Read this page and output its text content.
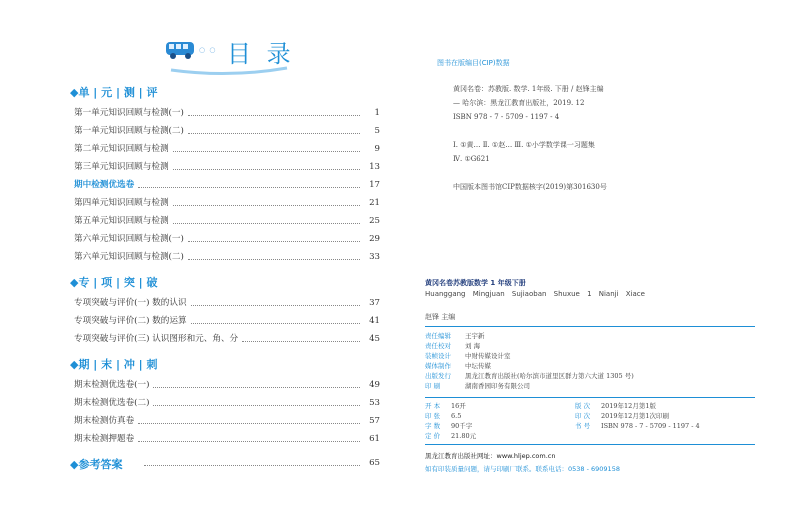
○ ○ 目 录
◆单 | 元 | 测 | 评
第一单元知识回顾与检测(一)	1
第一单元知识回顾与检测(二)	5
第二单元知识回顾与检测	9
第三单元知识回顾与检测	13
期中检测优选卷	17
第四单元知识回顾与检测	21
第五单元知识回顾与检测	25
第六单元知识回顾与检测(一)	29
第六单元知识回顾与检测(二)	33
◆专 | 项 | 突 | 破
专项突破与评价(一) 数的认识	37
专项突破与评价(二) 数的运算	41
专项突破与评价(三) 认识图形和元、角、分	45
◆期 | 末 | 冲 | 刺
期末检测优选卷(一)	49
期末检测优选卷(二)	53
期末检测仿真卷	57
期末检测押题卷	61
◆参考答案	65
图书在版编目(CIP)数据
黄冈名卷：苏教版. 数学. 1年级. 下册 / 赵锋主编
— 哈尔滨：黑龙江教育出版社，2019. 12
ISBN 978 - 7 - 5709 - 1197 - 4

Ⅰ. ①黄… Ⅱ. ①赵… Ⅲ. ①小学数学课一习题集
Ⅳ. ①G621

中国版本图书馆CIP数据核字(2019)第301630号
黄冈名卷苏教版数学 1 年级下册
Huanggang Mingjuan Sujiaoban Shuxue 1 Nianji Xiace
赵锋 主编
责任编辑	王宇新
责任校对	刘 海
装帧设计	中财传媒设计室
媒体制作	中坛传媒
出版发行	黑龙江教育出版社(哈尔滨市道里区群力第六大道 1305 号)
印 刷	湖南香园印务有限公司
开 本	16开	版 次	2019年12月第1版
印 张	6.5	印 次	2019年12月第1次印刷
字 数	90千字	书 号	ISBN 978 - 7 - 5709 - 1197 - 4
定 价	21.80元
黑龙江教育出版社网址：www.hljep.com.cn
如有印装质量问题，请与印刷厂联系。联系电话：0538 - 6909158
